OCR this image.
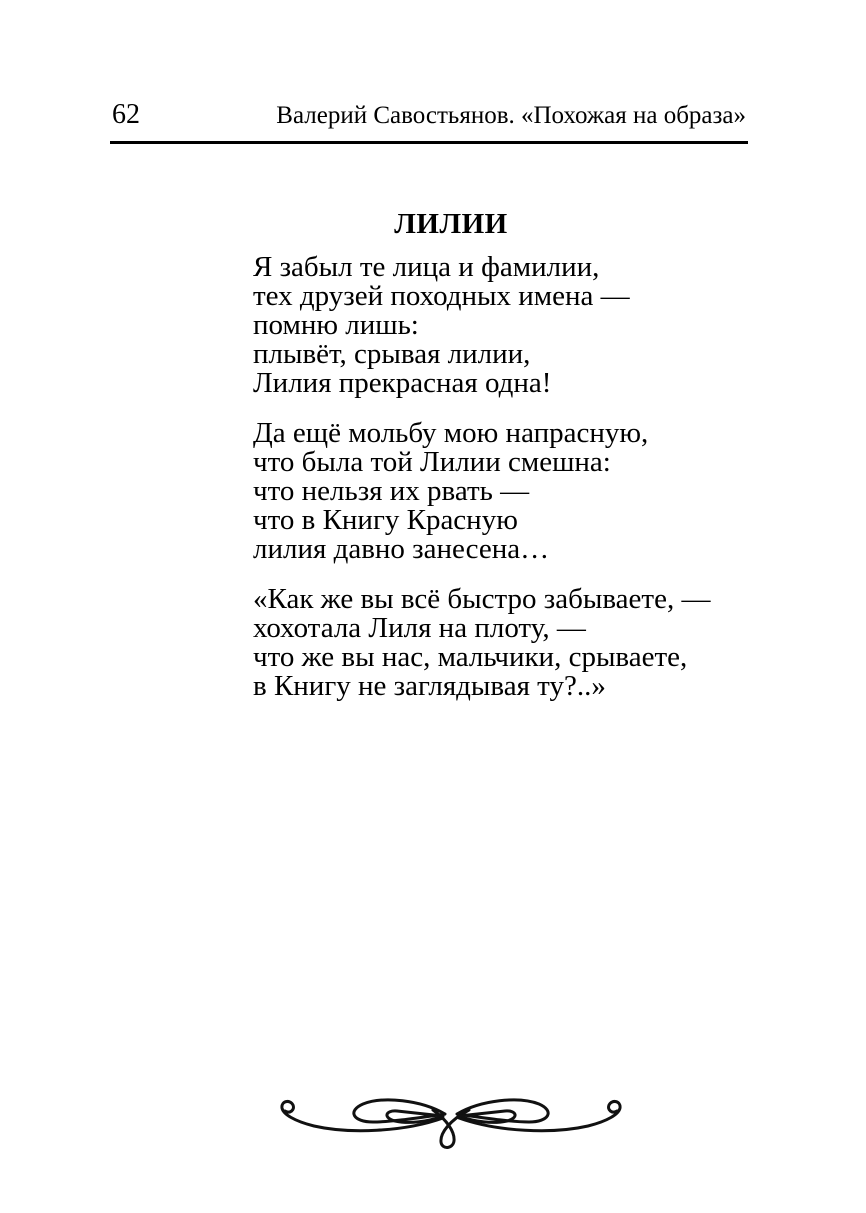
62	Валерий Савостьянов. «Похожая на образа»
ЛИЛИИ
Я забыл те лица и фамилии,
тех друзей походных имена —
помню лишь:
плывёт, срывая лилии,
Лилия прекрасная одна!
Да ещё мольбу мою напрасную,
что была той Лилии смешна:
что нельзя их рвать —
что в Книгу Красную
лилия давно занесена…
«Как же вы всё быстро забываете, —
хохотала Лиля на плоту, —
что же вы нас, мальчики, срываете,
в Книгу не заглядывая ту?..»
